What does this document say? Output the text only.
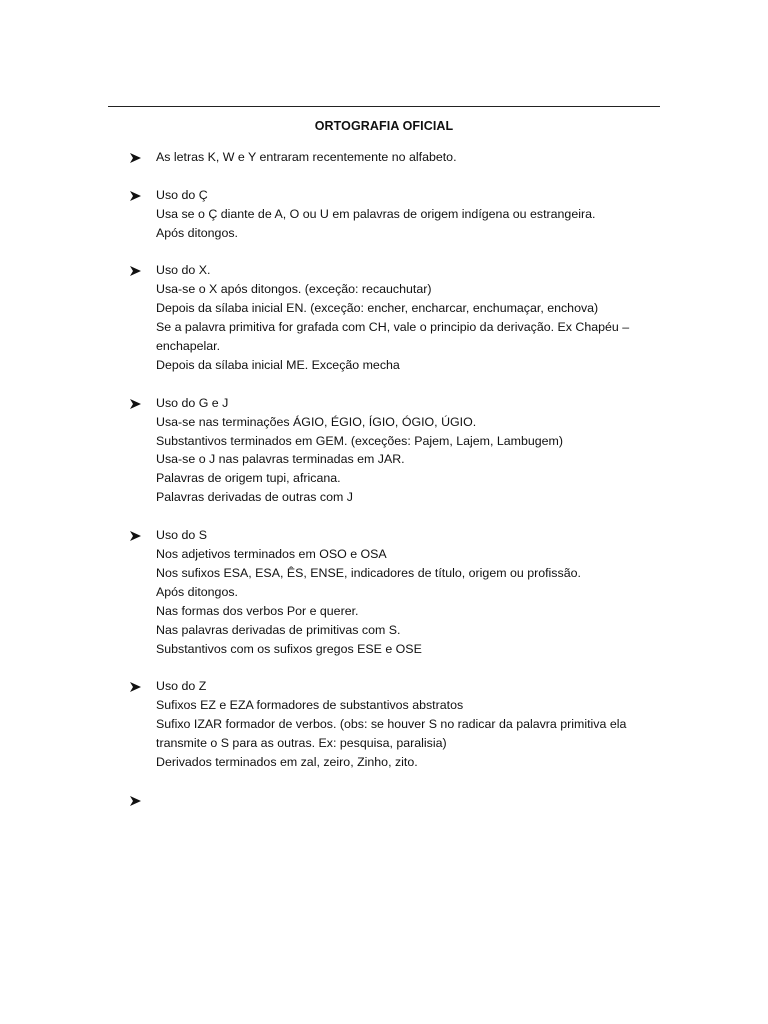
ORTOGRAFIA OFICIAL
As letras K, W e Y entraram recentemente no alfabeto.
Uso do Ç
Usa se o Ç diante de A, O ou U em palavras de origem indígena ou estrangeira.
Após ditongos.
Uso do X.
Usa-se o X após ditongos. (exceção: recauchutar)
Depois da sílaba inicial EN. (exceção: encher, encharcar, enchumaçar, enchova)
Se a palavra primitiva for grafada com CH, vale o principio da derivação. Ex Chapéu –
enchapelar.
Depois da sílaba inicial ME. Exceção mecha
Uso do G e J
Usa-se nas terminações ÁGIO, ÉGIO, ÍGIO, ÓGIO, ÚGIO.
Substantivos terminados em GEM. (exceções: Pajem, Lajem, Lambugem)
Usa-se o J nas palavras terminadas em JAR.
Palavras de origem tupi, africana.
Palavras derivadas de outras com J
Uso do S
Nos adjetivos terminados em OSO e OSA
Nos sufixos ESA, ESA, ÊS, ENSE, indicadores de título, origem ou profissão.
Após ditongos.
Nas formas dos verbos Por e querer.
Nas palavras derivadas de primitivas com S.
Substantivos com os sufixos gregos ESE e OSE
Uso do Z
Sufixos EZ e EZA formadores de substantivos abstratos
Sufixo IZAR formador de verbos. (obs: se houver S no radicar da palavra primitiva ela
transmite o S para as outras. Ex: pesquisa, paralisia)
Derivados terminados em zal, zeiro, Zinho, zito.
